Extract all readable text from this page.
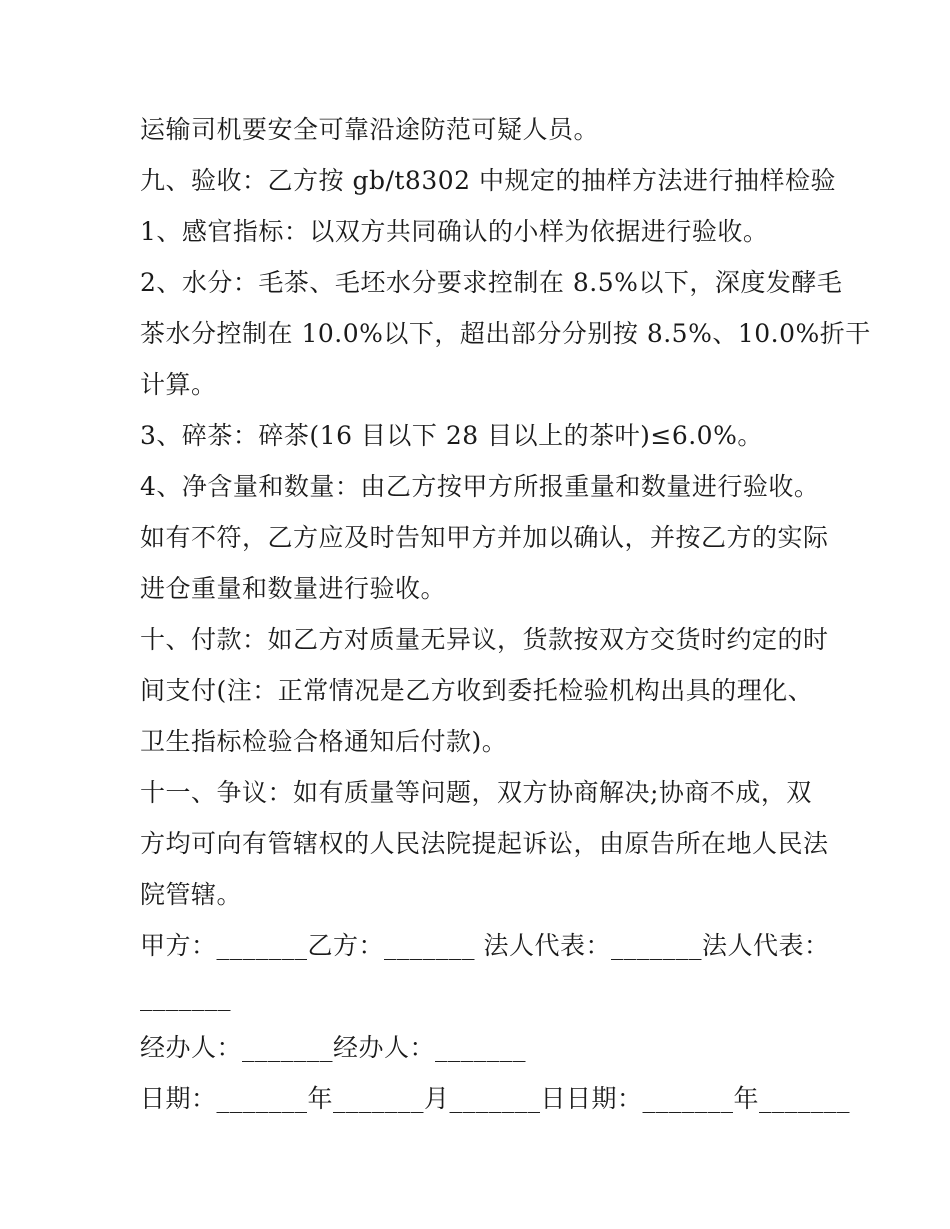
运输司机要安全可靠沿途防范可疑人员。
九、验收：乙方按 gb/t8302 中规定的抽样方法进行抽样检验
1、感官指标：以双方共同确认的小样为依据进行验收。
2、水分：毛茶、毛坯水分要求控制在 8.5%以下，深度发酵毛
茶水分控制在 10.0%以下，超出部分分别按 8.5%、10.0%折干
计算。
3、碎茶：碎茶(16 目以下 28 目以上的茶叶)≤6.0%。
4、净含量和数量：由乙方按甲方所报重量和数量进行验收。
如有不符，乙方应及时告知甲方并加以确认，并按乙方的实际
进仓重量和数量进行验收。
十、付款：如乙方对质量无异议，货款按双方交货时约定的时
间支付(注：正常情况是乙方收到委托检验机构出具的理化、
卫生指标检验合格通知后付款)。
十一、争议：如有质量等问题，双方协商解决;协商不成，双
方均可向有管辖权的人民法院提起诉讼，由原告所在地人民法
院管辖。
甲方：_______乙方：_______ 法人代表：_______法人代表：
_______
经办人：_______经办人：_______
日期：_______年_______月_______日日期：_______年_______
